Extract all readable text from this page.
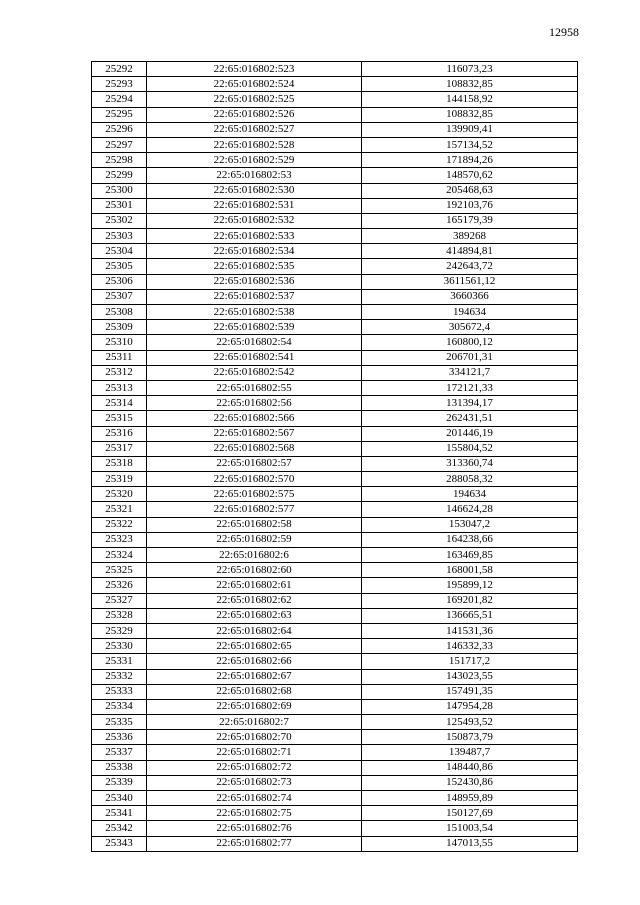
12958
25292	22:65:016802:523	116073,23
25293	22:65:016802:524	108832,85
25294	22:65:016802:525	144158,92
25295	22:65:016802:526	108832,85
25296	22:65:016802:527	139909,41
25297	22:65:016802:528	157134,52
25298	22:65:016802:529	171894,26
25299	22:65:016802:53	148570,62
25300	22:65:016802:530	205468,63
25301	22:65:016802:531	192103,76
25302	22:65:016802:532	165179,39
25303	22:65:016802:533	389268
25304	22:65:016802:534	414894,81
25305	22:65:016802:535	242643,72
25306	22:65:016802:536	3611561,12
25307	22:65:016802:537	3660366
25308	22:65:016802:538	194634
25309	22:65:016802:539	305672,4
25310	22:65:016802:54	160800,12
25311	22:65:016802:541	206701,31
25312	22:65:016802:542	334121,7
25313	22:65:016802:55	172121,33
25314	22:65:016802:56	131394,17
25315	22:65:016802:566	262431,51
25316	22:65:016802:567	201446,19
25317	22:65:016802:568	155804,52
25318	22:65:016802:57	313360,74
25319	22:65:016802:570	288058,32
25320	22:65:016802:575	194634
25321	22:65:016802:577	146624,28
25322	22:65:016802:58	153047,2
25323	22:65:016802:59	164238,66
25324	22:65:016802:6	163469,85
25325	22:65:016802:60	168001,58
25326	22:65:016802:61	195899,12
25327	22:65:016802:62	169201,82
25328	22:65:016802:63	136665,51
25329	22:65:016802:64	141531,36
25330	22:65:016802:65	146332,33
25331	22:65:016802:66	151717,2
25332	22:65:016802:67	143023,55
25333	22:65:016802:68	157491,35
25334	22:65:016802:69	147954,28
25335	22:65:016802:7	125493,52
25336	22:65:016802:70	150873,79
25337	22:65:016802:71	139487,7
25338	22:65:016802:72	148440,86
25339	22:65:016802:73	152430,86
25340	22:65:016802:74	148959,89
25341	22:65:016802:75	150127,69
25342	22:65:016802:76	151003,54
25343	22:65:016802:77	147013,55
